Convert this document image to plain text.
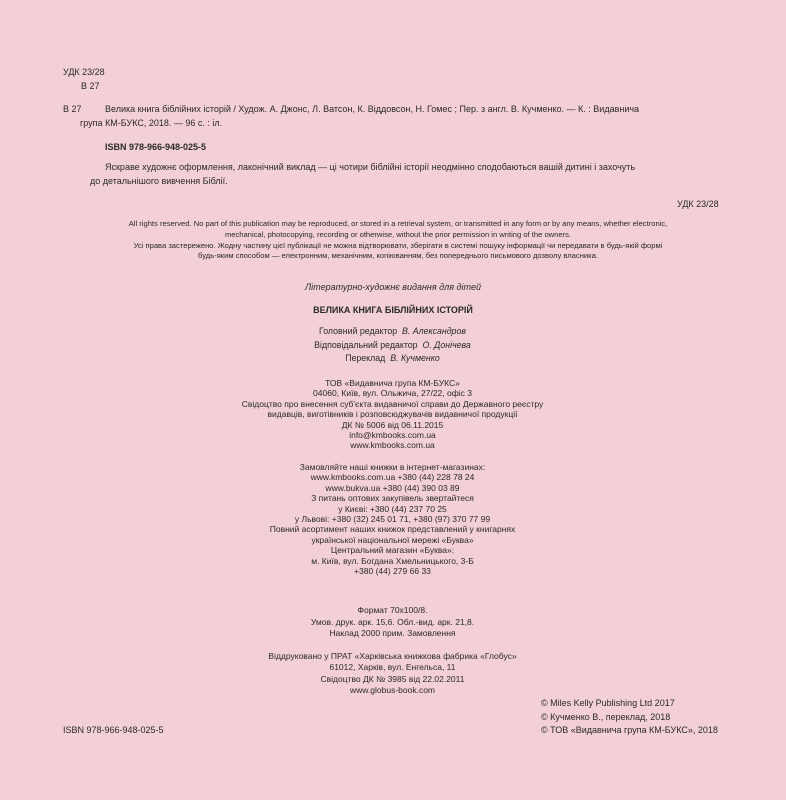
УДК 23/28
В 27
В 27	Велика книга біблійних історій / Худож. А. Джонс, Л. Ватсон, К. Віддовсон, Н. Гомес ; Пер. з англ. В. Кучменко. — К. : Видавнича
група КМ-БУКС, 2018. — 96 с. : іл.
ISBN 978-966-948-025-5
Яскраве художнє оформлення, лаконічний виклад — ці чотири біблійні історії неодмінно сподобаються вашій дитині і захочуть
до детальнішого вивчення Біблії.
УДК 23/28
All rights reserved. No part of this publication may be reproduced, or stored in a retrieval system, or transmitted in any form or by any means, whether electronic,
mechanical, photocopying, recording or otherwise, without the prior permission in writing of the owners.
Усі права застережено. Жодну частину цієї публікації не можна відтворювати, зберігати в системі пошуку інформації чи передавати в будь-якій формі
будь-яким способом — електронним, механічним, копіюванням, без попереднього письмового дозволу власника.
Літературно-художнє видання для дітей
ВЕЛИКА КНИГА БІБЛІЙНИХ ІСТОРІЙ
Головний редактор В. Александров
Відповідальний редактор О. Донічева
Переклад В. Кучменко
ТОВ «Видавнича група КМ-БУКС»
04060, Київ, вул. Ольжича, 27/22, офіс 3
Свідоцтво про внесення суб'єкта видавничої справи до Державного реєстру
видавців, виготівників і розповсюджувачів видавничої продукції
ДК № 5006 від 06.11.2015
info@kmbooks.com.ua
www.kmbooks.com.ua
Замовляйте наші книжки в інтернет-магазинах:
www.kmbooks.com.ua +380 (44) 228 78 24
www.bukva.ua +380 (44) 390 03 89
З питань оптових закупівель звертайтеся
у Києві: +380 (44) 237 70 25
у Львові: +380 (32) 245 01 71, +380 (97) 370 77 99
Повний асортимент наших книжок представлений у книгарнях
української національної мережі «Буква»
Центральний магазин «Буква»:
м. Київ, вул. Богдана Хмельницького, 3-Б
+380 (44) 279 66 33
Формат 70х100/8.
Умов. друк. арк. 15,6. Обл.-вид. арк. 21,8.
Наклад 2000 прим. Замовлення
Віддруковано у ПРАТ «Харківська книжкова фабрика «Глобус»
61012, Харків, вул. Енгельса, 11
Свідоцтво ДК № 3985 від 22.02.2011
www.globus-book.com
ISBN 978-966-948-025-5
© Miles Kelly Publishing Ltd 2017
© Кучменко В., переклад, 2018
© ТОВ «Видавнича група КМ-БУКС», 2018
